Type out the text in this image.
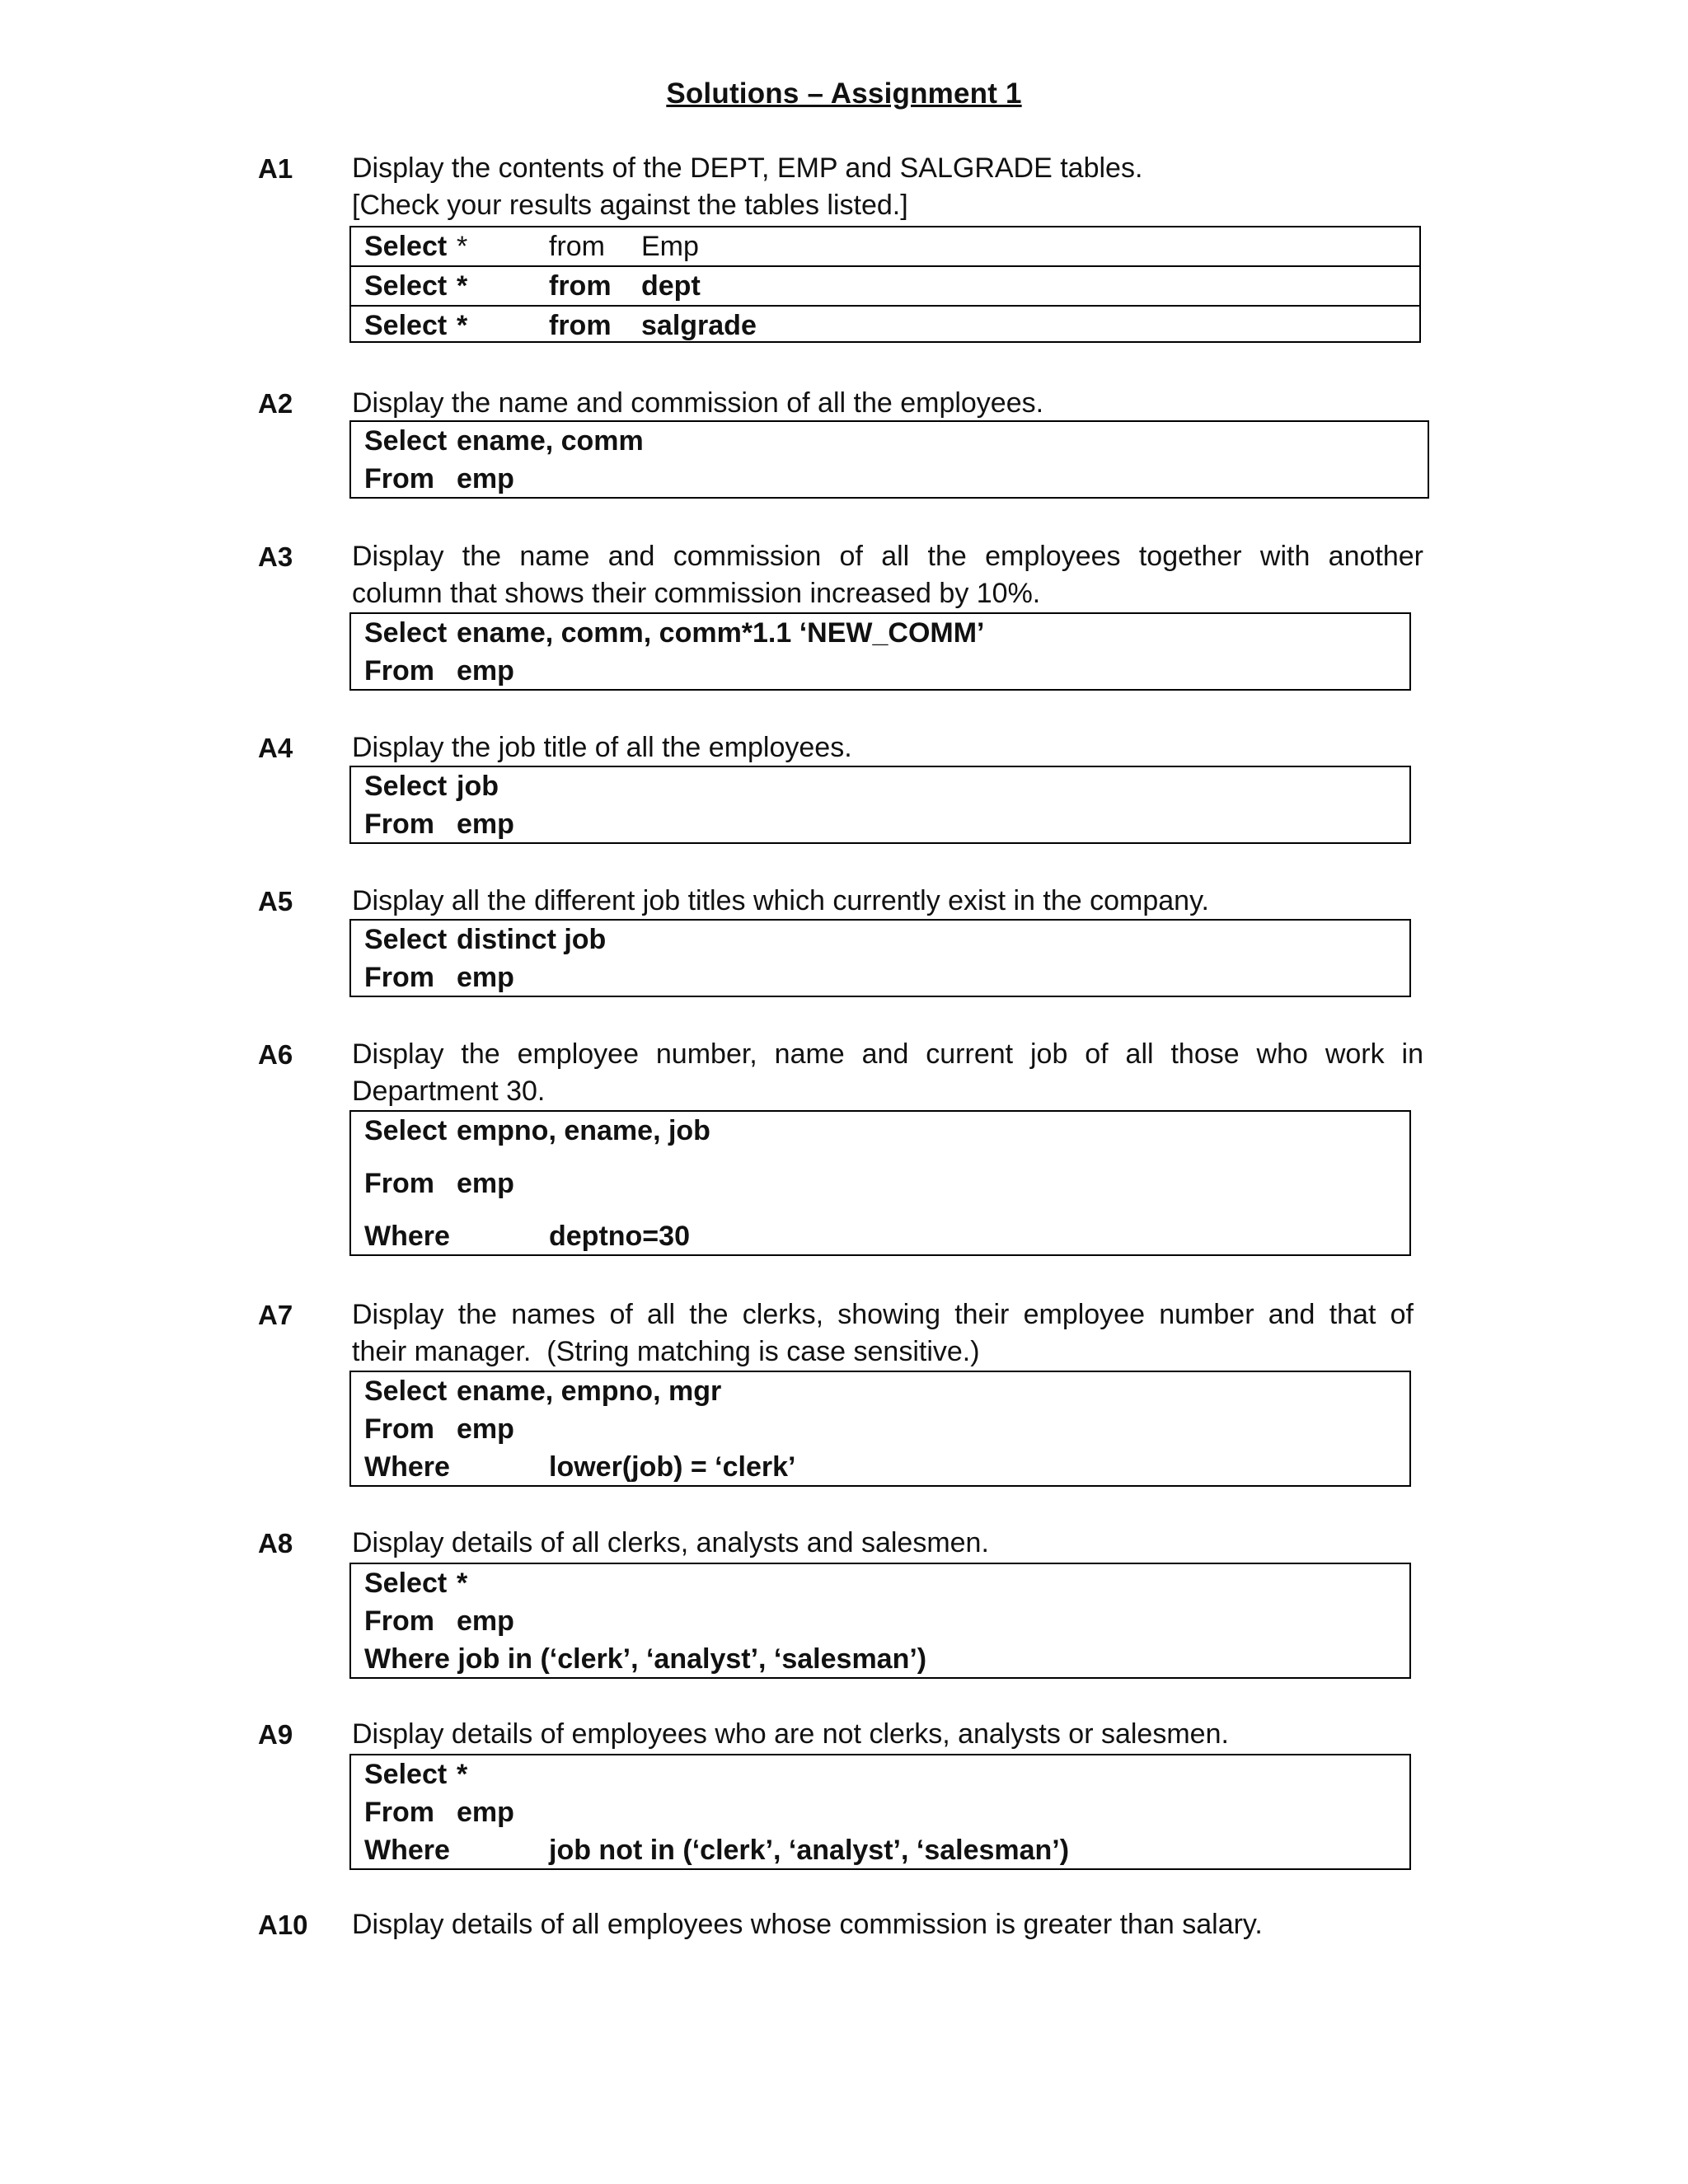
Solutions – Assignment 1
A1 Display the contents of the DEPT, EMP and SALGRADE tables.
[Check your results against the tables listed.]
Select *	from Emp
Select *	from dept
Select *	from salgrade
A2 Display the name and commission of all the employees.
Select ename, comm
From emp
A3 Display the name and commission of all the employees together with another
column that shows their commission increased by 10%.
Select ename, comm, comm*1.1 ‘NEW_COMM’
From emp
A4 Display the job title of all the employees.
Select job
From emp
A5 Display all the different job titles which currently exist in the company.
Select distinct job
From emp
A6 Display the employee number, name and current job of all those who work in
Department 30.
Select empno, ename, job
From emp
Where	deptno=30
A7 Display the names of all the clerks, showing their employee number and that of
their manager.  (String matching is case sensitive.)
Select ename, empno, mgr
From emp
Where	lower(job) = ‘clerk’
A8 Display details of all clerks, analysts and salesmen.
Select *
From emp
Where job in (‘clerk’, ‘analyst’, ‘salesman’)
A9 Display details of employees who are not clerks, analysts or salesmen.
Select *
From emp
Where	job not in (‘clerk’, ‘analyst’, ‘salesman’)
A10 Display details of all employees whose commission is greater than salary.
